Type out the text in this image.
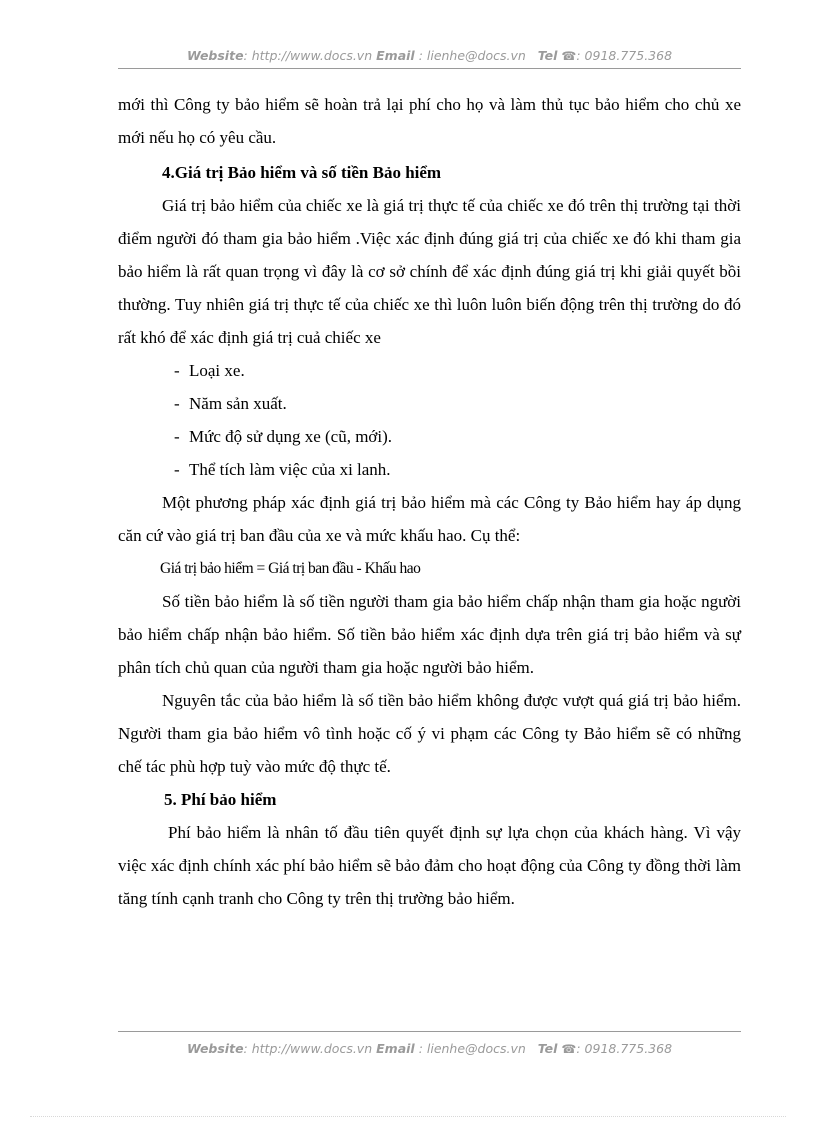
Website: http://www.docs.vn Email : lienhe@docs.vn Tel ☎: 0918.775.368

mới thì Công ty bảo hiểm sẽ hoàn trả lại phí cho họ và làm thủ tục bảo hiểm cho chủ xe mới nếu họ có yêu cầu.

4.Giá trị Bảo hiểm và số tiền Bảo hiểm

Giá trị bảo hiểm của chiếc xe là giá trị thực tế của chiếc xe đó trên thị trường tại thời điểm người đó tham gia bảo hiểm .Việc xác định đúng giá trị của chiếc xe đó khi tham gia bảo hiểm là rất quan trọng vì đây là cơ sở chính để xác định đúng giá trị khi giải quyết bồi thường. Tuy nhiên giá trị thực tế của chiếc xe thì luôn luôn biến động trên thị trường do đó rất khó để xác định giá trị cuả chiếc xe

- Loại xe.

- Năm sản xuất.

- Mức độ sử dụng xe (cũ, mới).

- Thể tích làm việc của xi lanh.

Một phương pháp xác định giá trị bảo hiểm mà các Công ty Bảo hiểm hay áp dụng căn cứ vào giá trị ban đầu của xe và mức khấu hao. Cụ thể:

Giá trị bảo hiểm = Giá trị ban đầu - Khấu hao

Số tiền bảo hiểm là số tiền người tham gia bảo hiểm chấp nhận tham gia hoặc người bảo hiểm chấp nhận bảo hiểm. Số tiền bảo hiểm xác định dựa trên giá trị bảo hiểm và sự phân tích chủ quan của người tham gia hoặc người bảo hiểm.

Nguyên tắc của bảo hiểm là số tiền bảo hiểm không được vượt quá giá trị bảo hiểm. Người tham gia bảo hiểm vô tình hoặc cố ý vi phạm các Công ty Bảo hiểm sẽ có những chế tác phù hợp tuỳ vào mức độ thực tế.

5. Phí bảo hiểm

Phí bảo hiểm là nhân tố đầu tiên quyết định sự lựa chọn của khách hàng. Vì vậy việc xác định chính xác phí bảo hiểm sẽ bảo đảm cho hoạt động của Công ty đồng thời làm tăng tính cạnh tranh cho Công ty trên thị trường bảo hiểm.

Website: http://www.docs.vn Email : lienhe@docs.vn Tel ☎: 0918.775.368
